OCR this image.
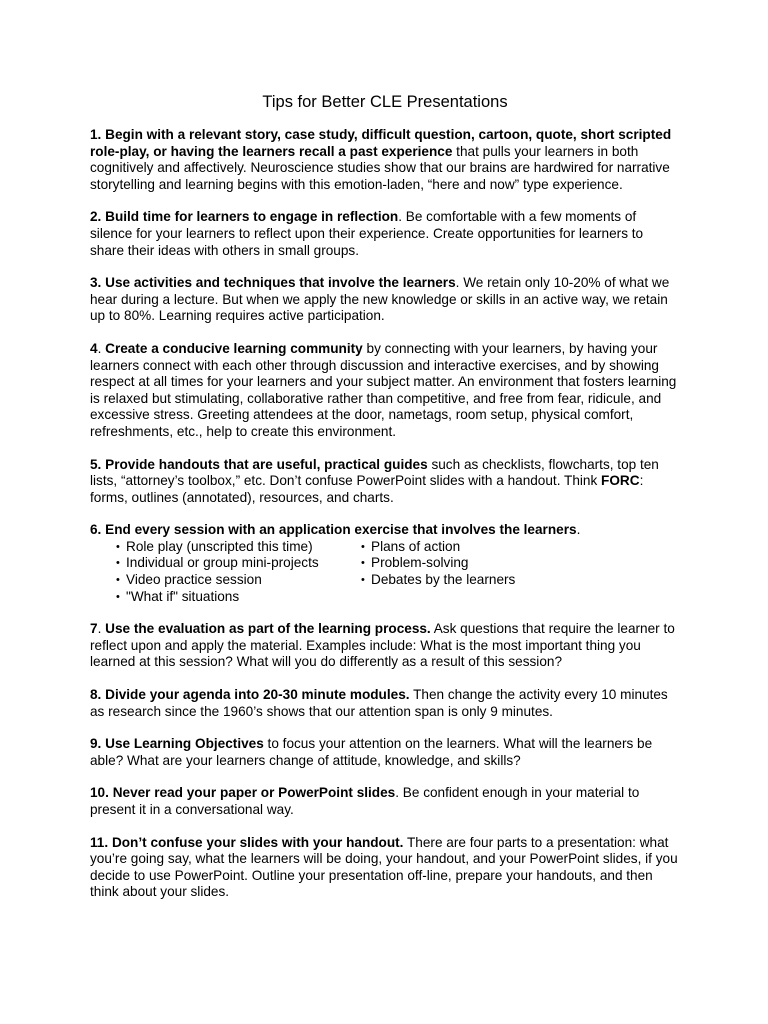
Tips for Better CLE Presentations

1. Begin with a relevant story, case study, difficult question, cartoon, quote, short scripted role-play, or having the learners recall a past experience that pulls your learners in both cognitively and affectively. Neuroscience studies show that our brains are hardwired for narrative storytelling and learning begins with this emotion-laden, “here and now” type experience.

2. Build time for learners to engage in reflection. Be comfortable with a few moments of silence for your learners to reflect upon their experience. Create opportunities for learners to share their ideas with others in small groups.

3. Use activities and techniques that involve the learners. We retain only 10-20% of what we hear during a lecture. But when we apply the new knowledge or skills in an active way, we retain up to 80%. Learning requires active participation.

4. Create a conducive learning community by connecting with your learners, by having your learners connect with each other through discussion and interactive exercises, and by showing respect at all times for your learners and your subject matter. An environment that fosters learning is relaxed but stimulating, collaborative rather than competitive, and free from fear, ridicule, and excessive stress. Greeting attendees at the door, nametags, room setup, physical comfort, refreshments, etc., help to create this environment.

5. Provide handouts that are useful, practical guides such as checklists, flowcharts, top ten lists, “attorney’s toolbox,” etc. Don’t confuse PowerPoint slides with a handout. Think FORC: forms, outlines (annotated), resources, and charts.

6. End every session with an application exercise that involves the learners.

• Role play (unscripted this time)
• Individual or group mini-projects
• Video practice session
• "What if" situations
• Plans of action
• Problem-solving
• Debates by the learners

7. Use the evaluation as part of the learning process. Ask questions that require the learner to reflect upon and apply the material. Examples include: What is the most important thing you learned at this session? What will you do differently as a result of this session?

8. Divide your agenda into 20-30 minute modules. Then change the activity every 10 minutes as research since the 1960’s shows that our attention span is only 9 minutes.

9. Use Learning Objectives to focus your attention on the learners. What will the learners be able? What are your learners change of attitude, knowledge, and skills?

10. Never read your paper or PowerPoint slides. Be confident enough in your material to present it in a conversational way.

11. Don’t confuse your slides with your handout. There are four parts to a presentation: what you’re going say, what the learners will be doing, your handout, and your PowerPoint slides, if you decide to use PowerPoint. Outline your presentation off-line, prepare your handouts, and then think about your slides.
